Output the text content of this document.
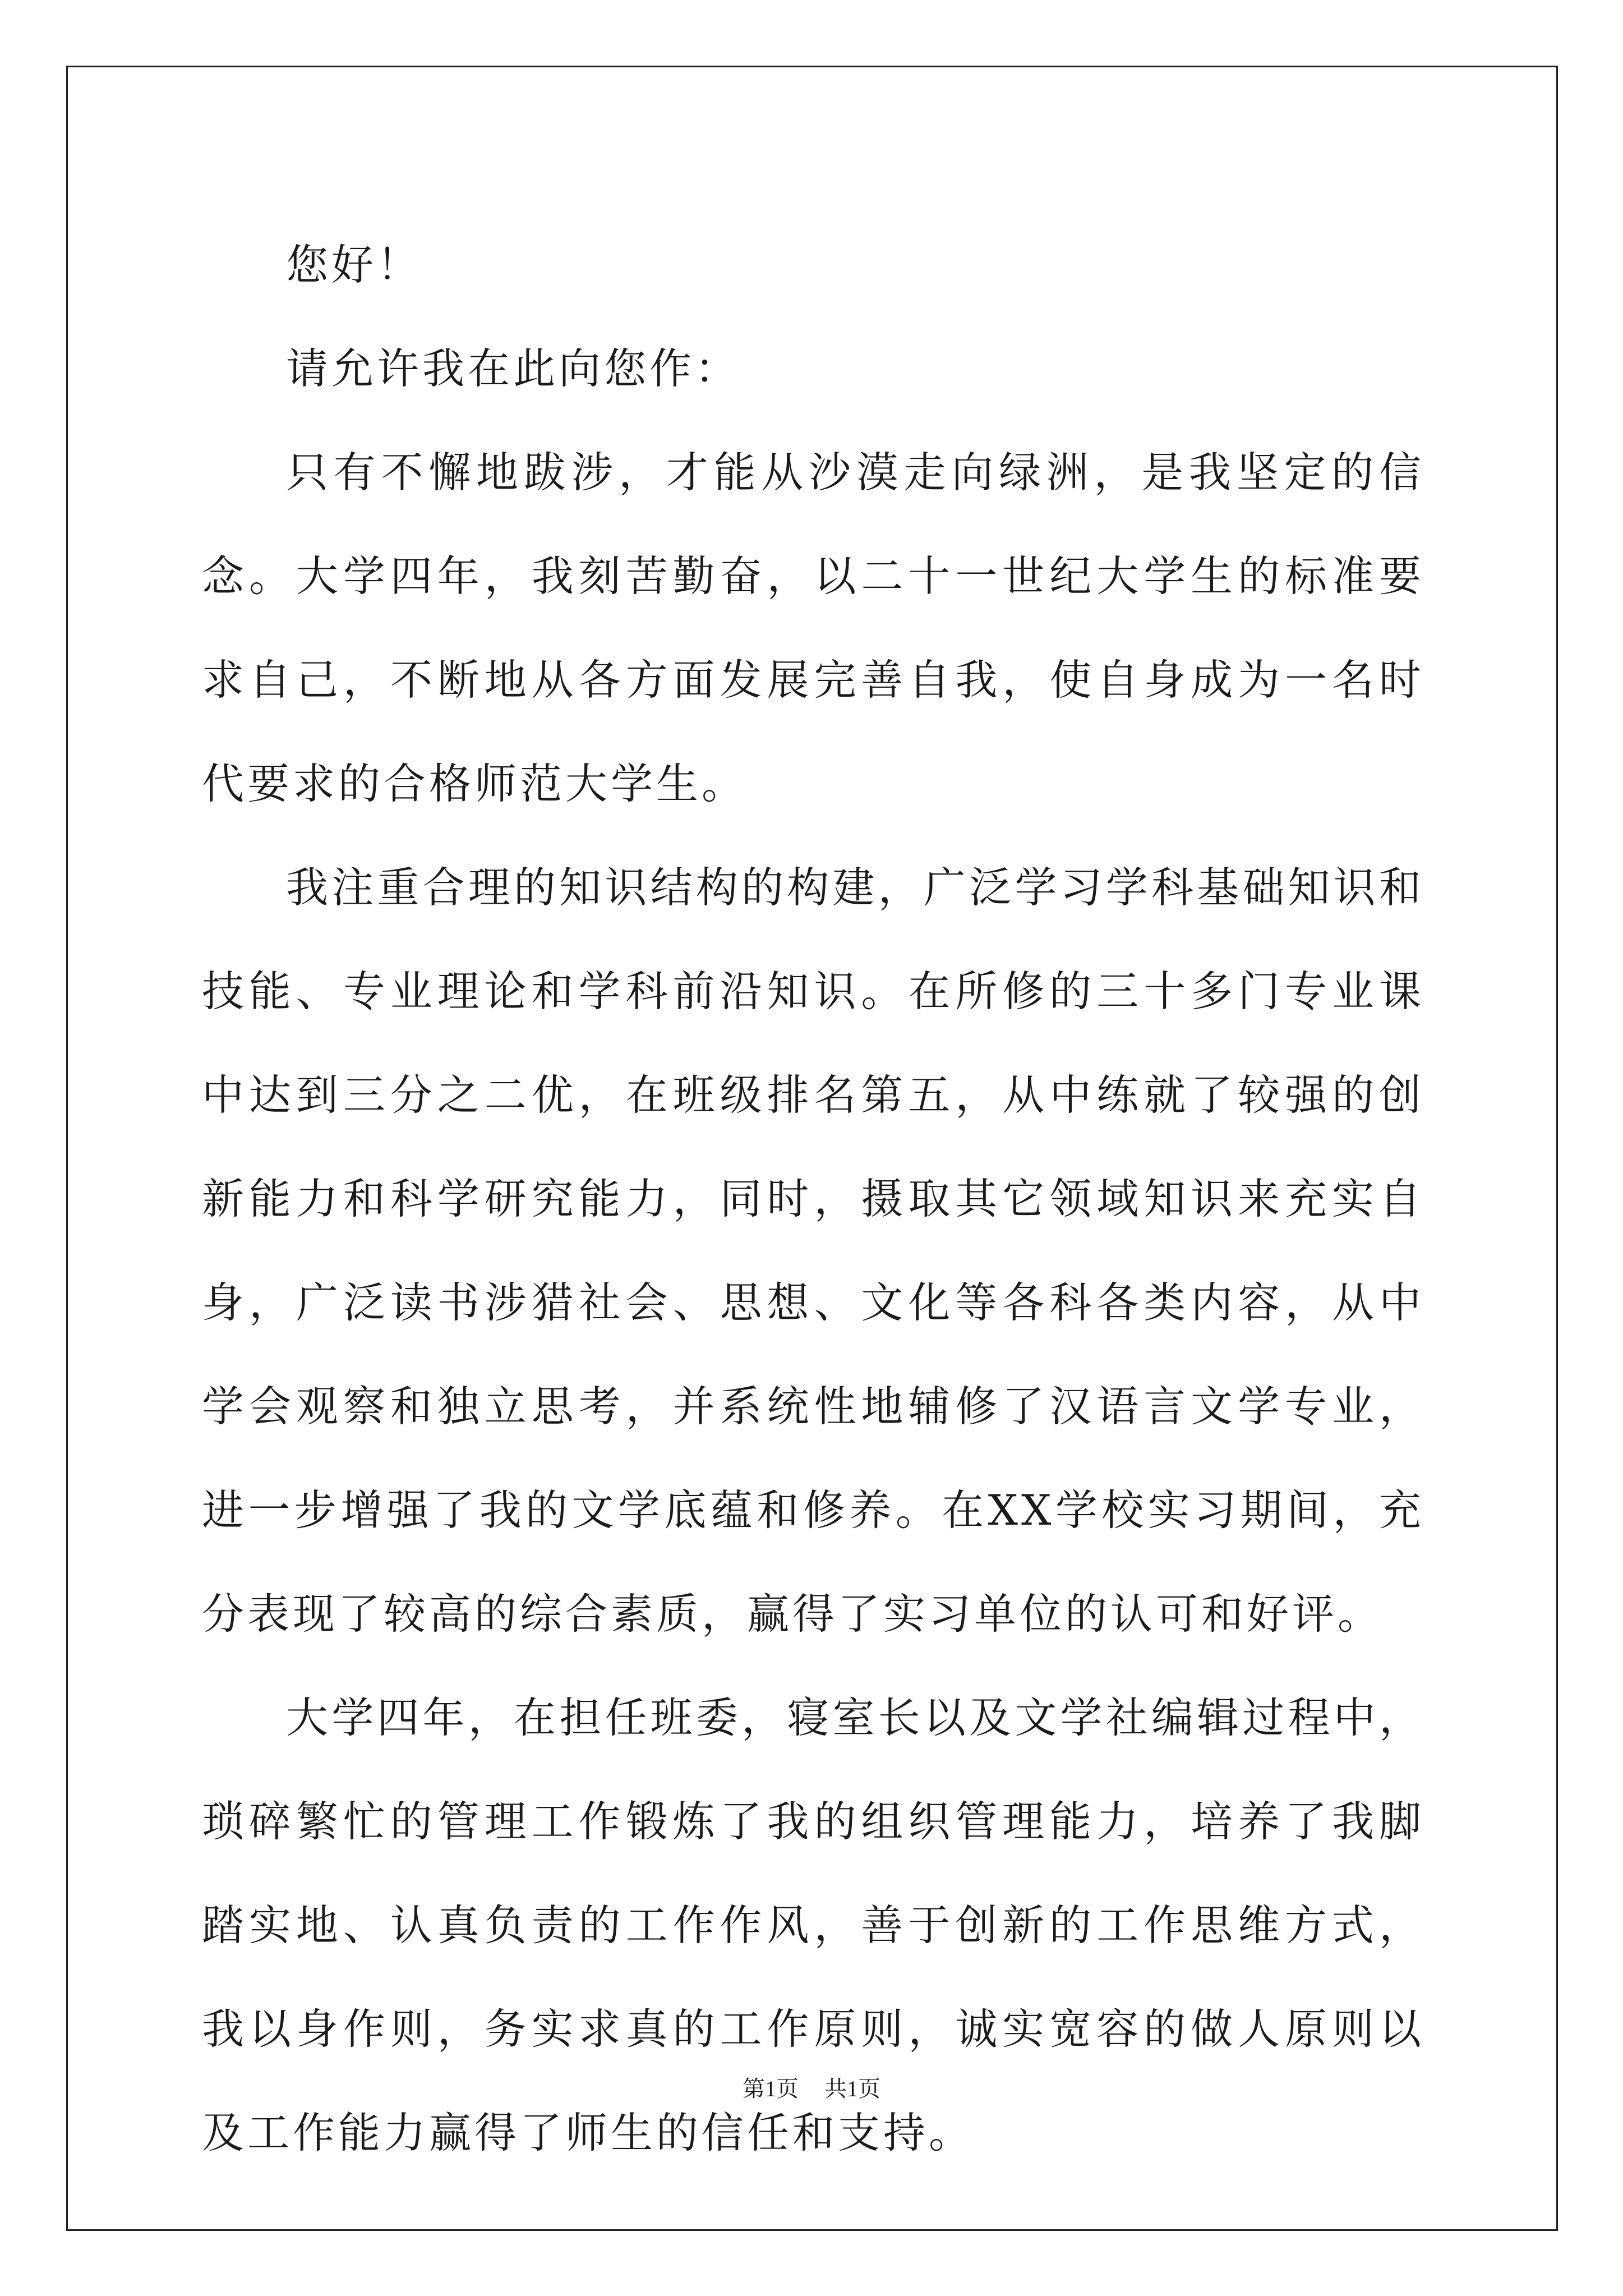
您好！

请允许我在此向您作：

只有不懈地跋涉，才能从沙漠走向绿洲，是我坚定的信念。大学四年，我刻苦勤奋，以二十一世纪大学生的标准要求自己，不断地从各方面发展完善自我，使自身成为一名时代要求的合格师范大学生。

我注重合理的知识结构的构建，广泛学习学科基础知识和技能、专业理论和学科前沿知识。在所修的三十多门专业课中达到三分之二优，在班级排名第五，从中练就了较强的创新能力和科学研究能力，同时，摄取其它领域知识来充实自身，广泛读书涉猎社会、思想、文化等各科各类内容，从中学会观察和独立思考，并系统性地辅修了汉语言文学专业，进一步增强了我的文学底蕴和修养。在XX学校实习期间，充分表现了较高的综合素质，赢得了实习单位的认可和好评。

大学四年，在担任班委，寝室长以及文学社编辑过程中，琐碎繁忙的管理工作锻炼了我的组织管理能力，培养了我脚踏实地、认真负责的工作作风，善于创新的工作思维方式，我以身作则，务实求真的工作原则，诚实宽容的做人原则以及工作能力赢得了师生的信任和支持。

第1页 共1页
